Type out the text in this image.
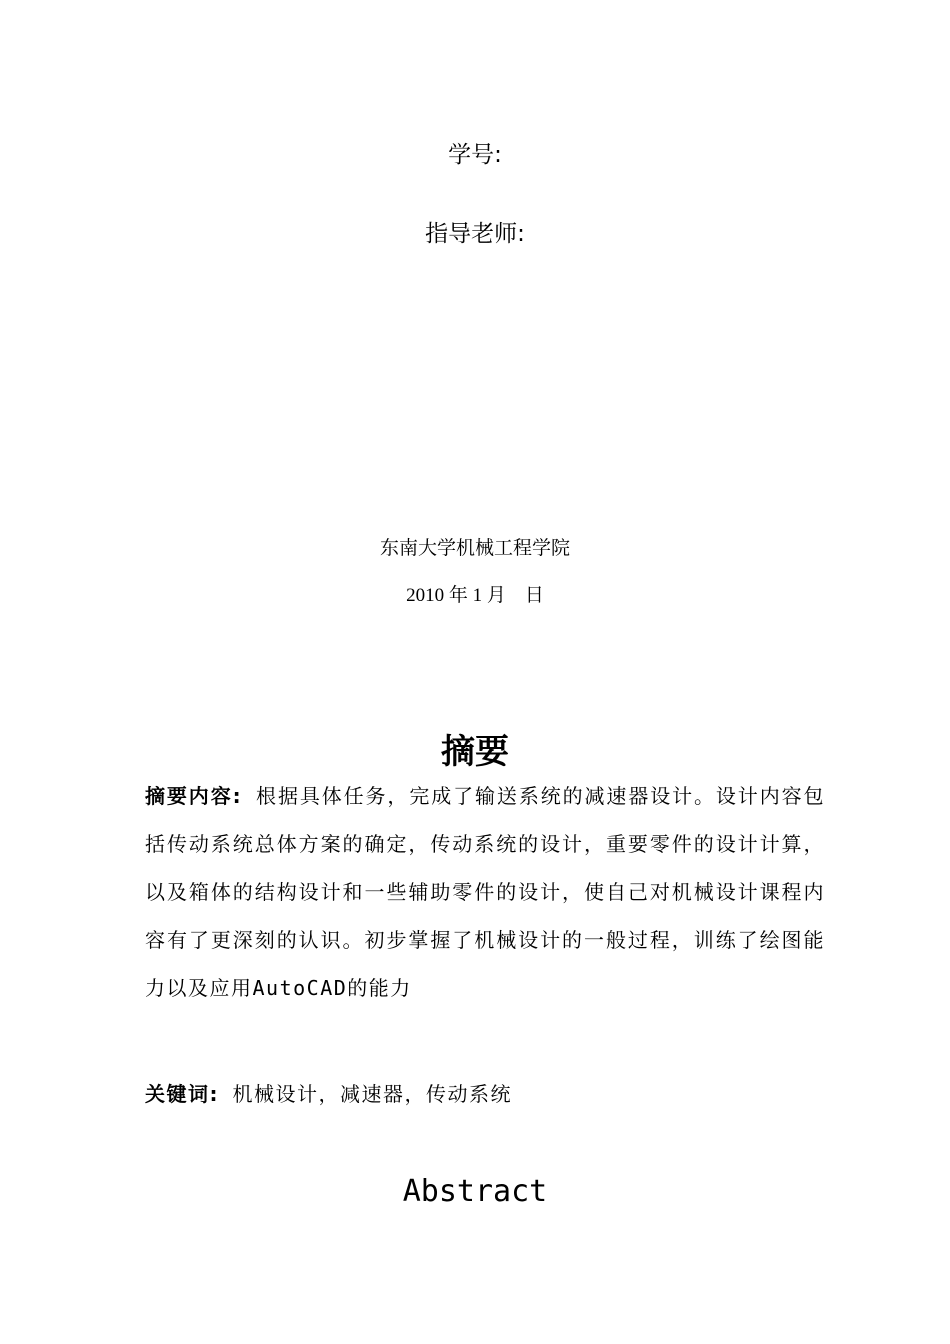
学号:
指导老师:
东南大学机械工程学院
2010 年 1 月    日
摘要
摘要内容: 根据具体任务，完成了输送系统的减速器设计。设计内容包括传动系统总体方案的确定，传动系统的设计，重要零件的设计计算，以及箱体的结构设计和一些辅助零件的设计，使自己对机械设计课程内容有了更深刻的认识。初步掌握了机械设计的一般过程，训练了绘图能力以及应用AutoCAD的能力
关键词: 机械设计，减速器，传动系统
Abstract
